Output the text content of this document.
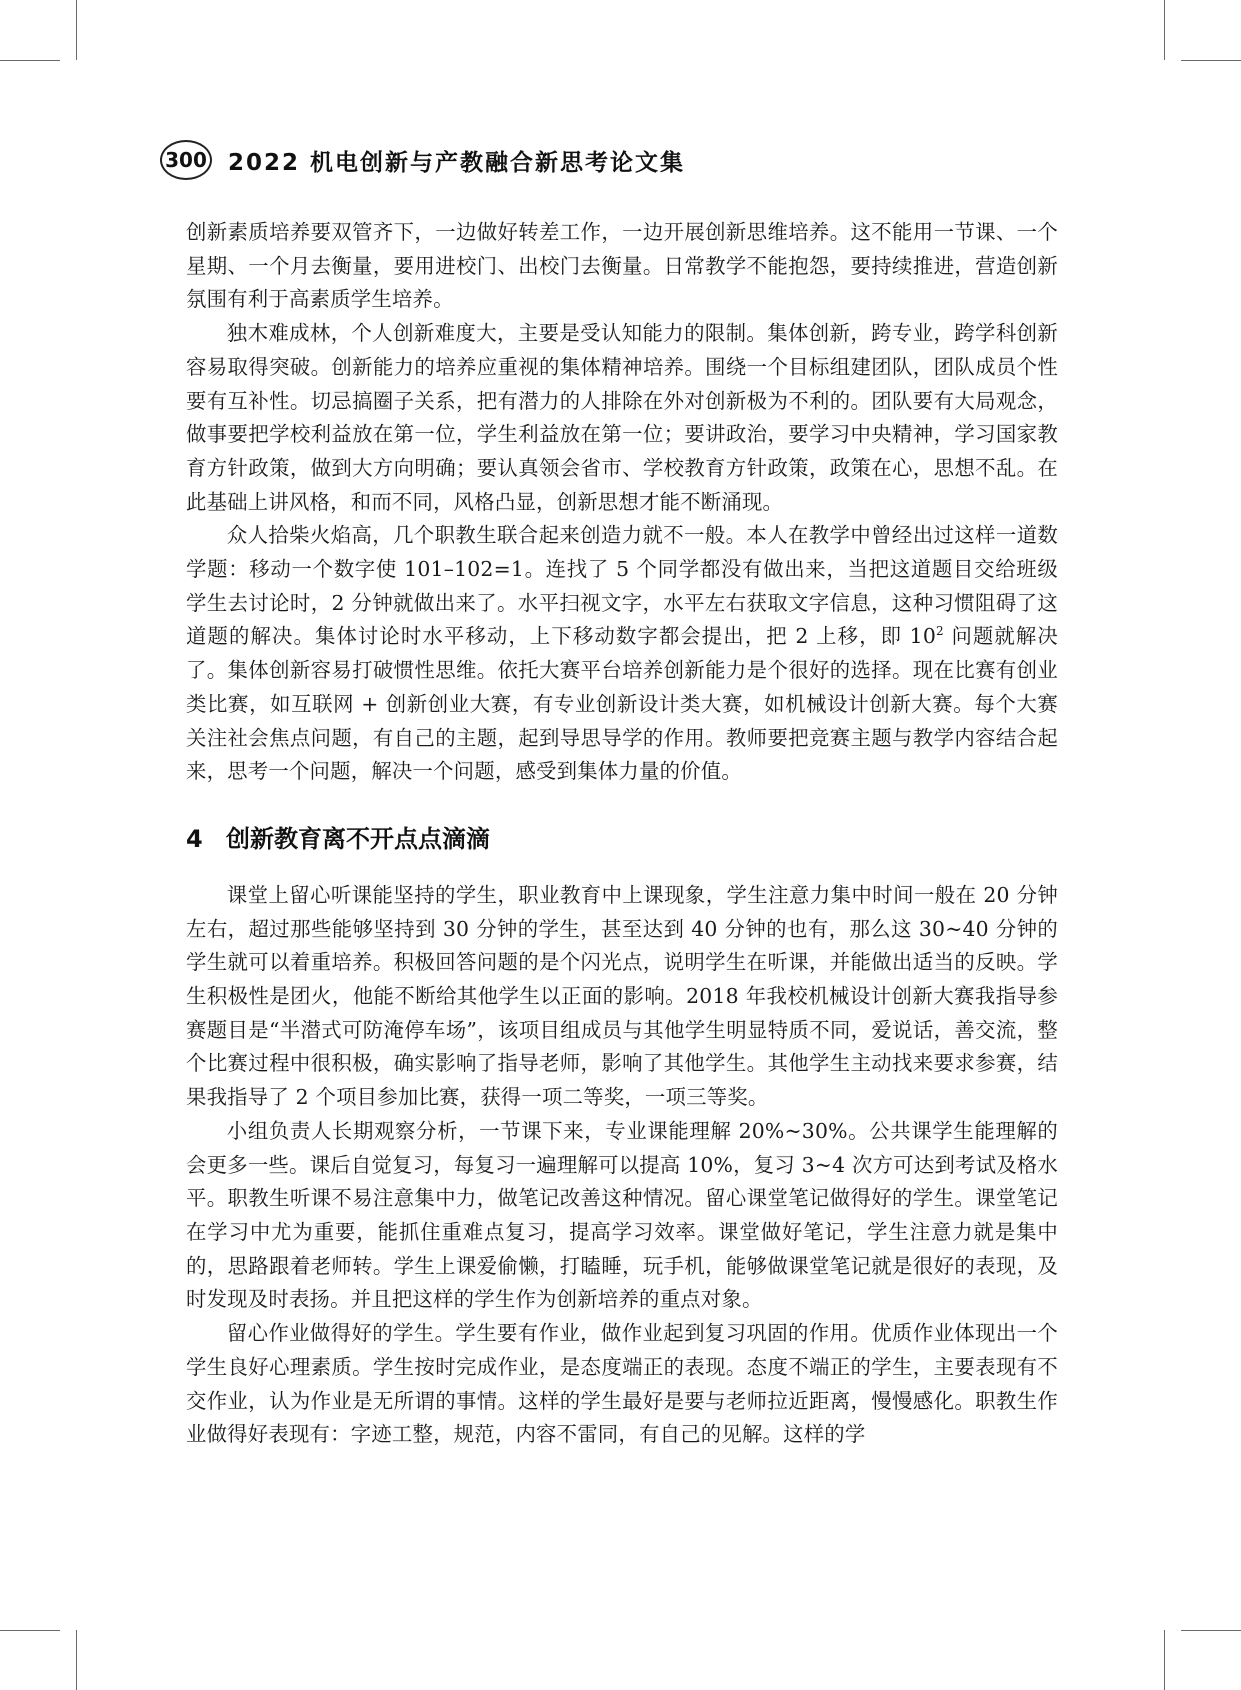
300 2022 机电创新与产教融合新思考论文集

创新素质培养要双管齐下，一边做好转差工作，一边开展创新思维培养。这不能用一节课、一个星期、一个月去衡量，要用进校门、出校门去衡量。日常教学不能抱怨，要持续推进，营造创新氛围有利于高素质学生培养。

独木难成林，个人创新难度大，主要是受认知能力的限制。集体创新，跨专业，跨学科创新容易取得突破。创新能力的培养应重视的集体精神培养。围绕一个目标组建团队，团队成员个性要有互补性。切忌搞圈子关系，把有潜力的人排除在外对创新极为不利的。团队要有大局观念，做事要把学校利益放在第一位，学生利益放在第一位；要讲政治，要学习中央精神，学习国家教育方针政策，做到大方向明确；要认真领会省市、学校教育方针政策，政策在心，思想不乱。在此基础上讲风格，和而不同，风格凸显，创新思想才能不断涌现。

众人拾柴火焰高，几个职教生联合起来创造力就不一般。本人在教学中曾经出过这样一道数学题：移动一个数字使 101–102=1。连找了 5 个同学都没有做出来，当把这道题目交给班级学生去讨论时，2 分钟就做出来了。水平扫视文字，水平左右获取文字信息，这种习惯阻碍了这道题的解决。集体讨论时水平移动，上下移动数字都会提出，把 2 上移，即 $10^2$ 问题就解决了。集体创新容易打破惯性思维。依托大赛平台培养创新能力是个很好的选择。现在比赛有创业类比赛，如互联网 + 创新创业大赛，有专业创新设计类大赛，如机械设计创新大赛。每个大赛关注社会焦点问题，有自己的主题，起到导思导学的作用。教师要把竞赛主题与教学内容结合起来，思考一个问题，解决一个问题，感受到集体力量的价值。

4 创新教育离不开点点滴滴

课堂上留心听课能坚持的学生，职业教育中上课现象，学生注意力集中时间一般在 20 分钟左右，超过那些能够坚持到 30 分钟的学生，甚至达到 40 分钟的也有，那么这 30~40 分钟的学生就可以着重培养。积极回答问题的是个闪光点，说明学生在听课，并能做出适当的反映。学生积极性是团火，他能不断给其他学生以正面的影响。2018 年我校机械设计创新大赛我指导参赛题目是“半潜式可防淹停车场”，该项目组成员与其他学生明显特质不同，爱说话，善交流，整个比赛过程中很积极，确实影响了指导老师，影响了其他学生。其他学生主动找来要求参赛，结果我指导了 2 个项目参加比赛，获得一项二等奖，一项三等奖。

小组负责人长期观察分析，一节课下来，专业课能理解 20%~30%。公共课学生能理解的会更多一些。课后自觉复习，每复习一遍理解可以提高 10%，复习 3~4 次方可达到考试及格水平。职教生听课不易注意集中力，做笔记改善这种情况。留心课堂笔记做得好的学生。课堂笔记在学习中尤为重要，能抓住重难点复习，提高学习效率。课堂做好笔记，学生注意力就是集中的，思路跟着老师转。学生上课爱偷懒，打瞌睡，玩手机，能够做课堂笔记就是很好的表现，及时发现及时表扬。并且把这样的学生作为创新培养的重点对象。

留心作业做得好的学生。学生要有作业，做作业起到复习巩固的作用。优质作业体现出一个学生良好心理素质。学生按时完成作业，是态度端正的表现。态度不端正的学生，主要表现有不交作业，认为作业是无所谓的事情。这样的学生最好是要与老师拉近距离，慢慢感化。职教生作业做得好表现有：字迹工整，规范，内容不雷同，有自己的见解。这样的学
